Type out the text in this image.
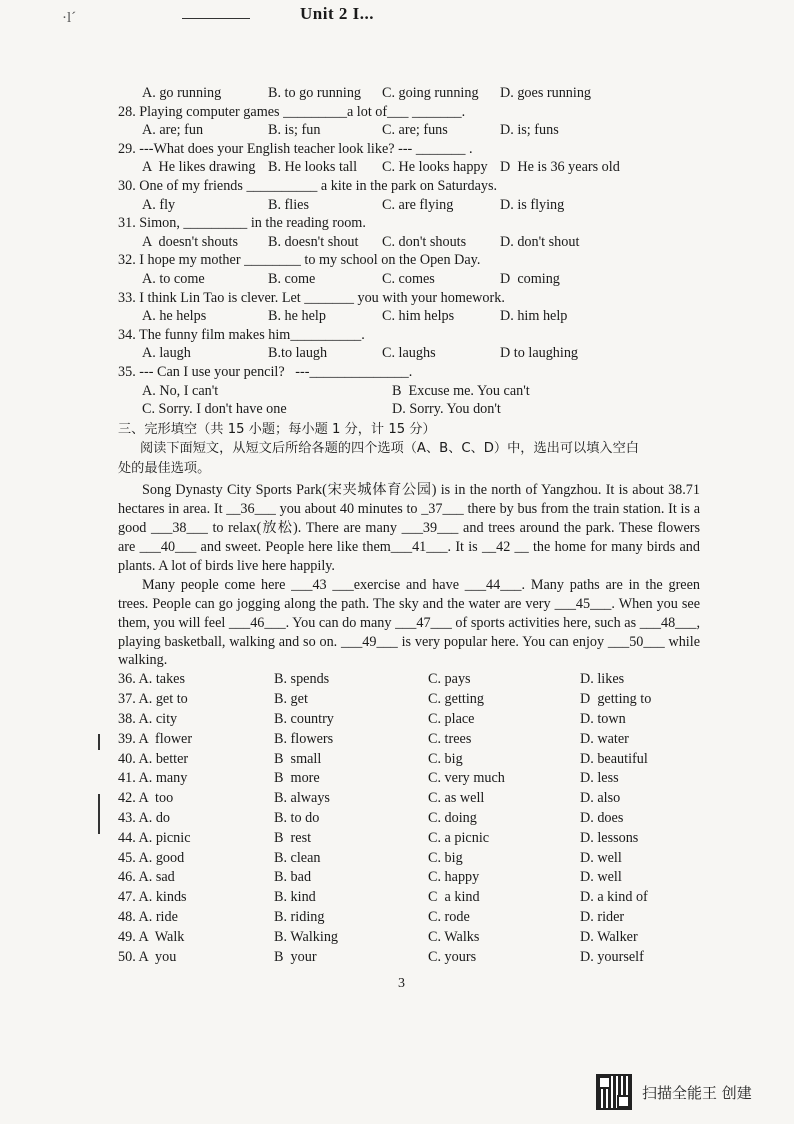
·l´	Unit 2 I...
A. go running	B. to go running C. going running D. goes running
28. Playing computer games _________a lot of___ _______.
A. are; fun	B. is; fun	C. are; funs	D. is; funs
29. ---What does your English teacher look like? --- _______ .
A  He likes drawing B. He looks tall C. He looks happy D  He is 36 years old
30. One of my friends __________ a kite in the park on Saturdays.
A. fly	B. flies	C. are flying	D. is flying
31. Simon, _________ in the reading room.
A  doesn't shouts B. doesn't shout C. don't shouts D. don't shout
32. I hope my mother ________ to my school on the Open Day.
A. to come	B. come	C. comes	D  coming
33. I think Lin Tao is clever. Let _______ you with your homework.
A. he helps	B. he help	C. him helps	D. him help
34. The funny film makes him__________.
A. laugh	B.to laugh	C. laughs	D to laughing
35. --- Can I use your pencil?   ---______________.
A. No, I can't	B  Excuse me. You can't
C. Sorry. I don't have one	D. Sorry. You don't
三、完形填空（共 15 小题；每小题 1 分，计 15 分）
阅读下面短文，从短文后所给各题的四个选项（A、B、C、D）中，选出可以填入空白
处的最佳选项。

Song Dynasty City Sports Park(宋夹城体育公园) is in the north of Yangzhou. It is about 38.71 hectares in area. It __36___ you about 40 minutes to _37___ there by bus from the train station. It is a good ___38___ to relax(放松). There are many ___39___ and trees around the park. These flowers are ___40___ and sweet. People here like them___41___. It is __42 __ the home for many birds and plants. A lot of birds live here happily.

Many people come here ___43 ___exercise and have ___44___. Many paths are in the green trees. People can go jogging along the path. The sky and the water are very ___45___. When you see them, you will feel ___46___. You can do many ___47___ of sports activities here, such as ___48___, playing basketball, walking and so on. ___49___ is very popular here. You can enjoy ___50___ while walking.

36. A. takes	B. spends	C. pays	D. likes
37. A. get to	B. get	C. getting	D  getting to
38. A. city	B. country	C. place	D. town
39. A  flower	B. flowers	C. trees	D. water
40. A. better	B  small	C. big	D. beautiful
41. A. many	B  more	C. very much	D. less
42. A  too	B. always	C. as well	D. also
43. A. do	B. to do	C. doing	D. does
44. A. picnic	B  rest	C. a picnic	D. lessons
45. A. good	B. clean	C. big	D. well
46. A. sad	B. bad	C. happy	D. well
47. A. kinds	B. kind	C  a kind	D. a kind of
48. A. ride	B. riding	C. rode	D. rider
49. A  Walk	B. Walking	C. Walks	D. Walker
50. A  you	B  your	C. yours	D. yourself
3
扫描全能王 创建
